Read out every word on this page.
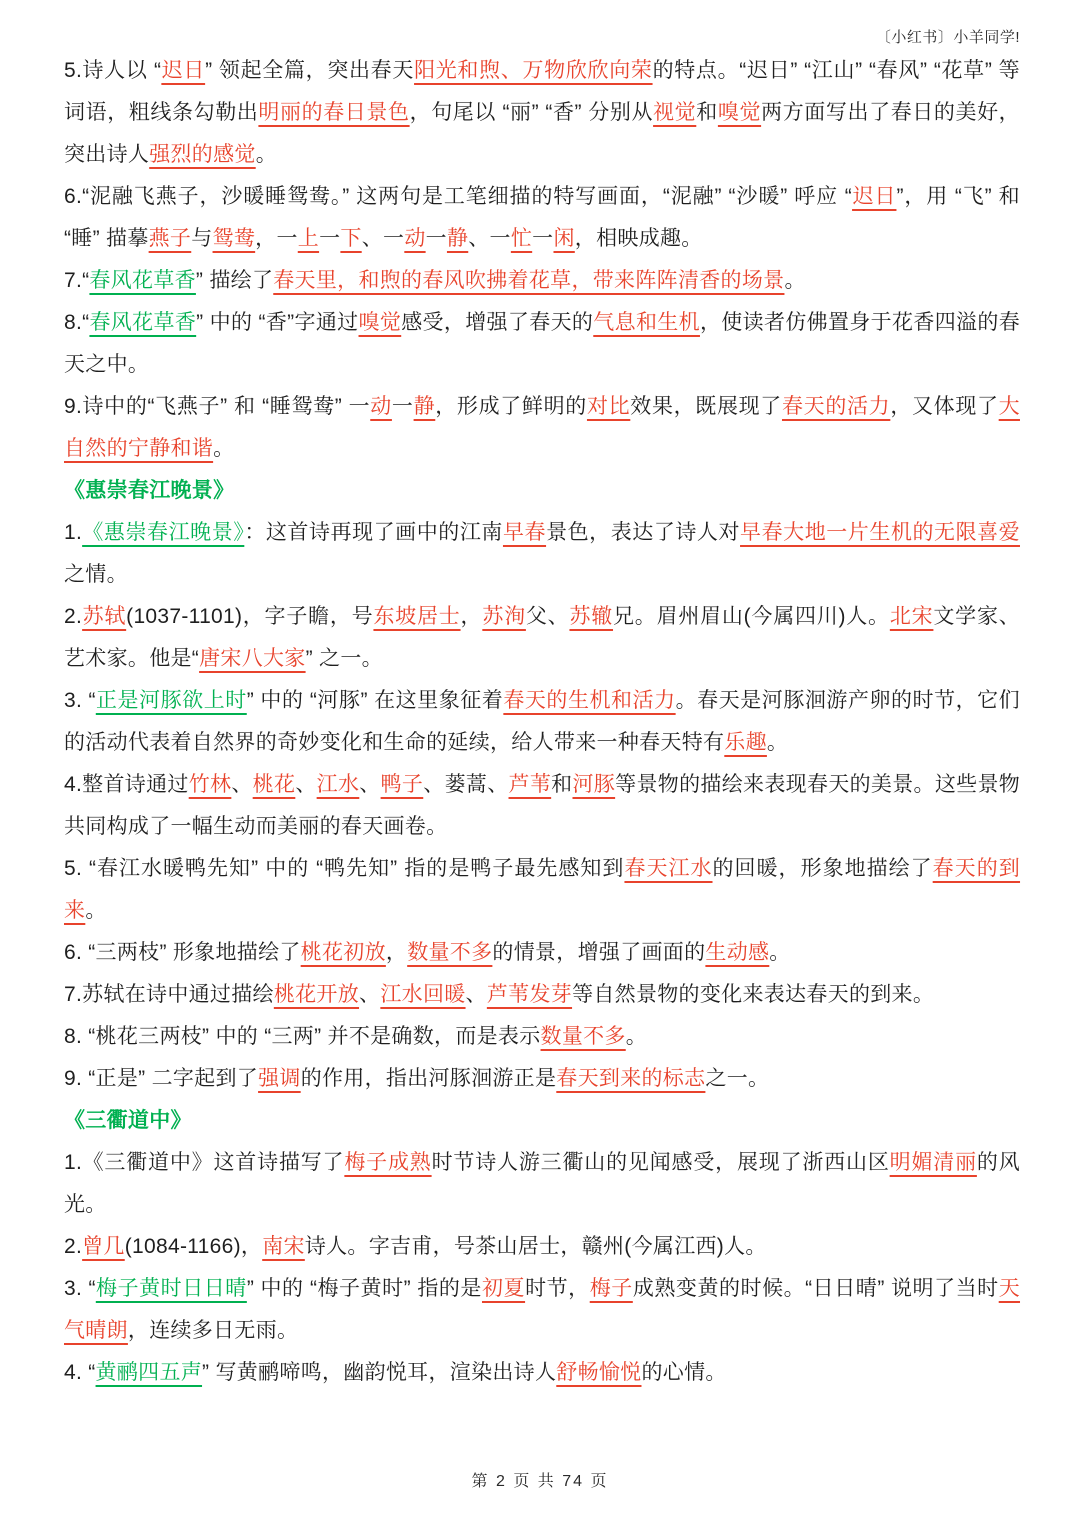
〔小红书〕小羊同学!

5.诗人以 “迟日” 领起全篇，突出春天阳光和煦、万物欣欣向荣的特点。“迟日” “江山” “春风” “花草” 等词语，粗线条勾勒出明丽的春日景色，句尾以 “丽” “香” 分别从视觉和嗅觉两方面写出了春日的美好，突出诗人强烈的感觉。

6.“泥融飞燕子，沙暖睡鸳鸯。” 这两句是工笔细描的特写画面，“泥融” “沙暖” 呼应 “迟日”，用 “飞” 和 “睡” 描摹燕子与鸳鸯，一上一下、一动一静、一忙一闲，相映成趣。

7.“春风花草香” 描绘了春天里，和煦的春风吹拂着花草，带来阵阵清香的场景。

8.“春风花草香” 中的 “香”字通过嗅觉感受，增强了春天的气息和生机，使读者仿佛置身于花香四溢的春天之中。

9.诗中的“飞燕子” 和 “睡鸳鸯” 一动一静，形成了鲜明的对比效果，既展现了春天的活力，又体现了大自然的宁静和谐。

《惠崇春江晚景》

1.《惠崇春江晚景》：这首诗再现了画中的江南早春景色，表达了诗人对早春大地一片生机的无限喜爱之情。

2.苏轼(1037-1101)，字子瞻，号东坡居士，苏洵父、苏辙兄。眉州眉山(今属四川)人。北宋文学家、艺术家。他是“唐宋八大家” 之一。

3. “正是河豚欲上时” 中的 “河豚” 在这里象征着春天的生机和活力。春天是河豚洄游产卵的时节，它们的活动代表着自然界的奇妙变化和生命的延续，给人带来一种春天特有乐趣。

4.整首诗通过竹林、桃花、江水、鸭子、蒌蒿、芦苇和河豚等景物的描绘来表现春天的美景。这些景物共同构成了一幅生动而美丽的春天画卷。

5. “春江水暖鸭先知” 中的 “鸭先知” 指的是鸭子最先感知到春天江水的回暖，形象地描绘了春天的到来。

6. “三两枝” 形象地描绘了桃花初放，数量不多的情景，增强了画面的生动感。

7.苏轼在诗中通过描绘桃花开放、江水回暖、芦苇发芽等自然景物的变化来表达春天的到来。

8. “桃花三两枝” 中的 “三两” 并不是确数，而是表示数量不多。

9. “正是” 二字起到了强调的作用，指出河豚洄游正是春天到来的标志之一。

《三衢道中》

1.《三衢道中》这首诗描写了梅子成熟时节诗人游三衢山的见闻感受，展现了浙西山区明媚清丽的风光。

2.曾几(1084-1166)，南宋诗人。字吉甫，号茶山居士，赣州(今属江西)人。

3. “梅子黄时日日晴” 中的 “梅子黄时” 指的是初夏时节，梅子成熟变黄的时候。“日日晴” 说明了当时天气晴朗，连续多日无雨。

4. “黄鹂四五声” 写黄鹂啼鸣，幽韵悦耳，渲染出诗人舒畅愉悦的心情。

第 2 页 共 74 页
